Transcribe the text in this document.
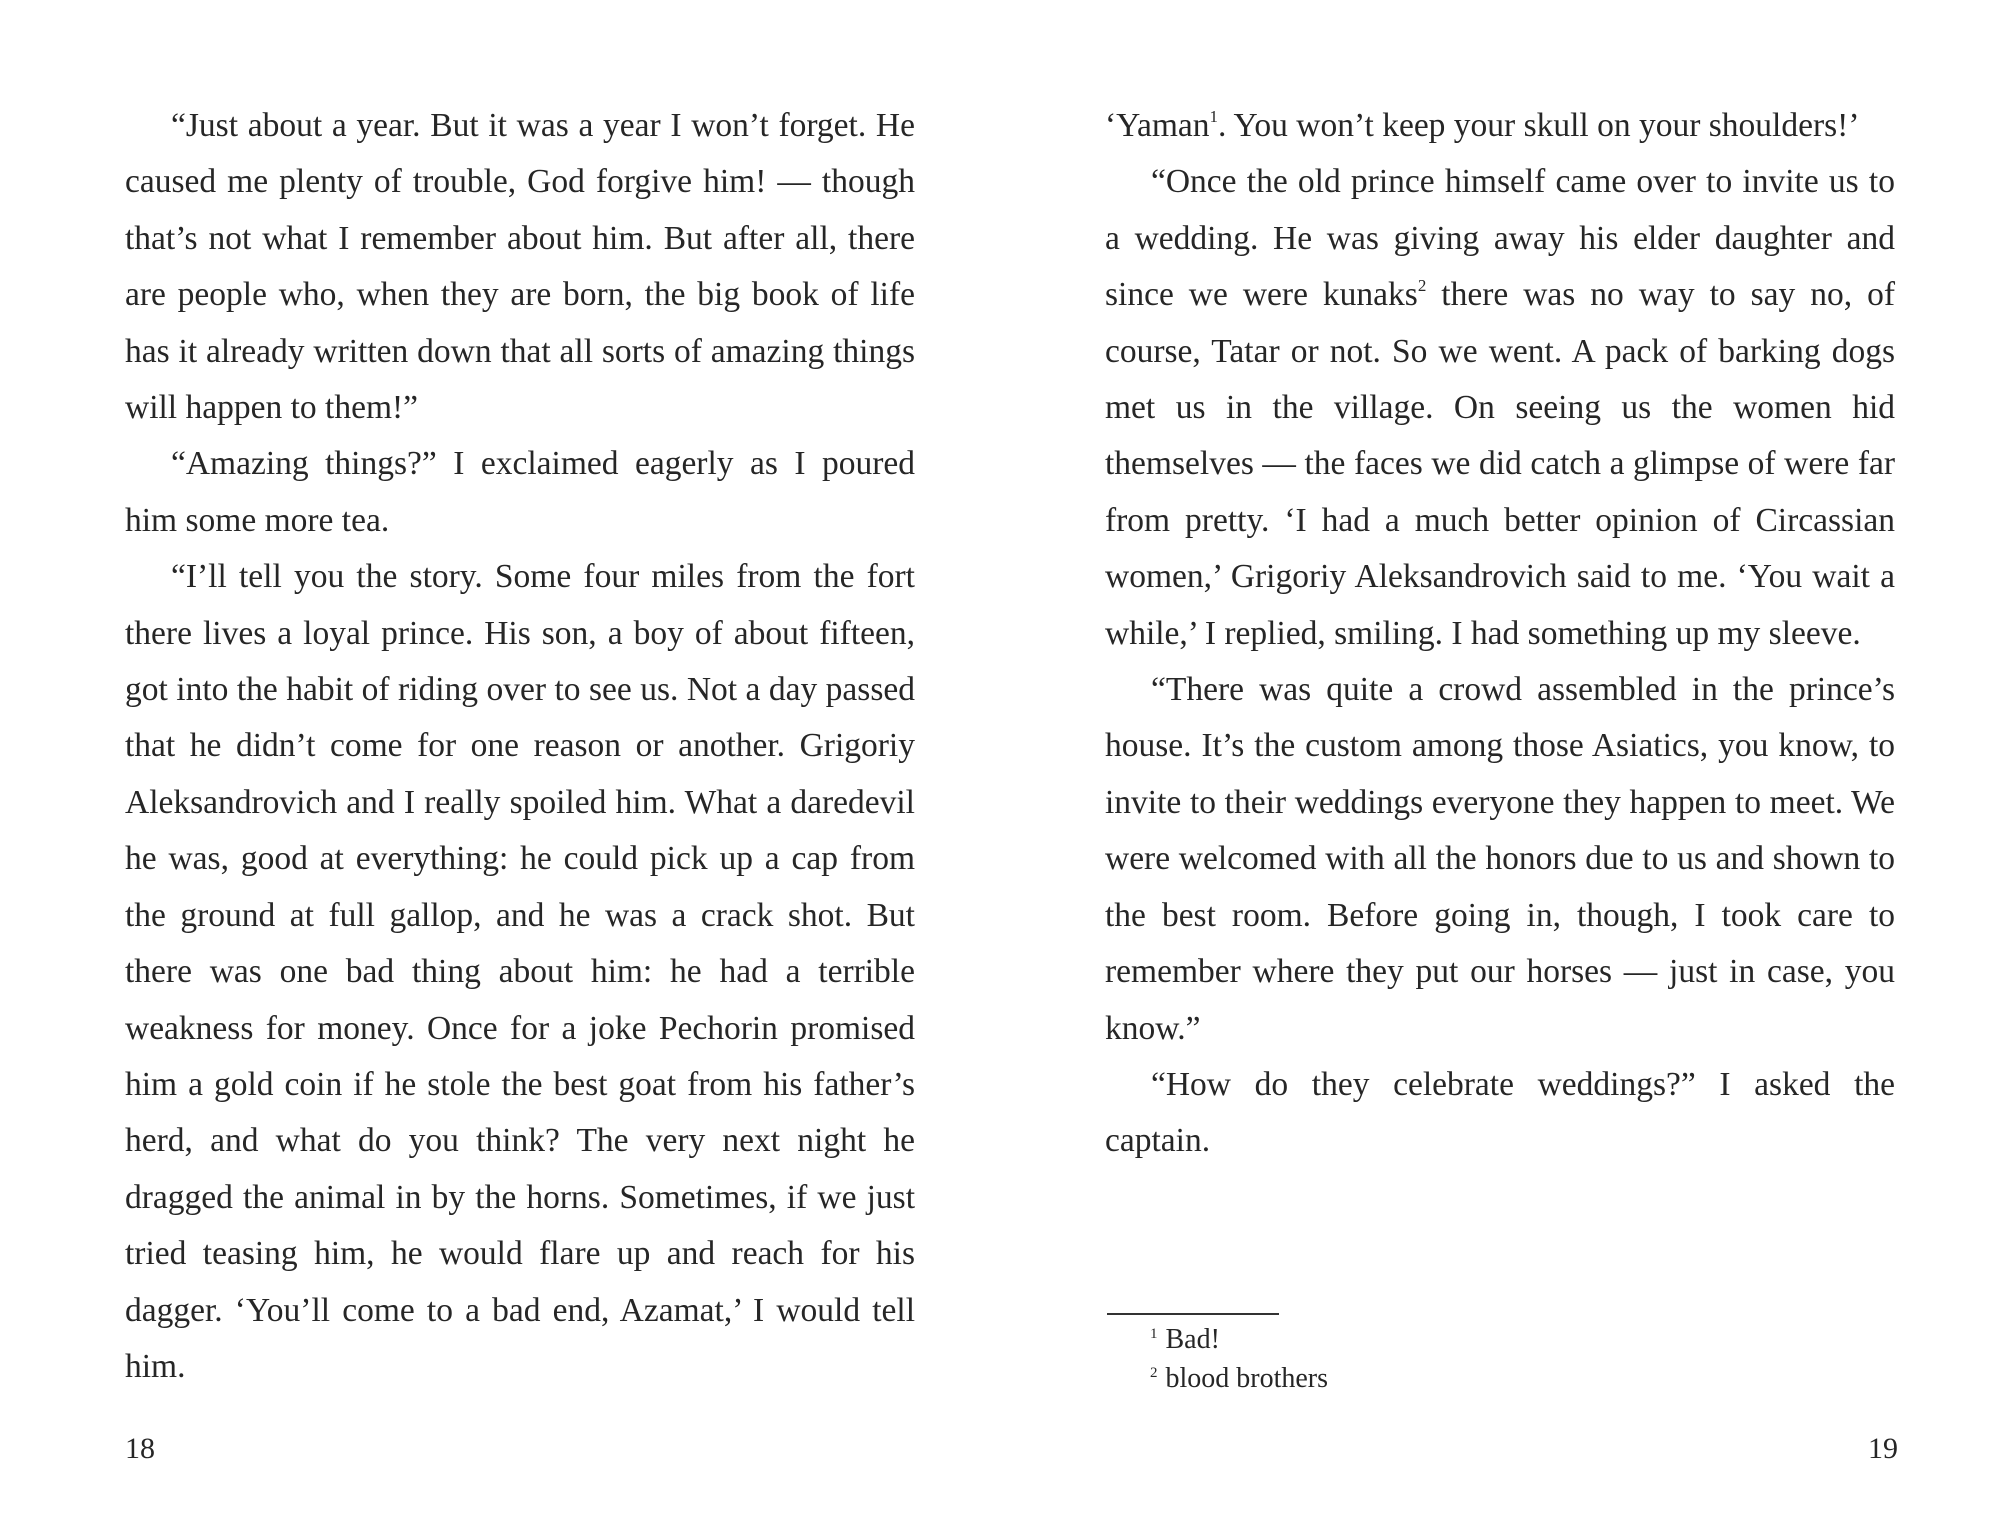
“Just about a year. But it was a year I won’t forget. He caused me plenty of trouble, God forgive him! — though that’s not what I remember about him. But after all, there are people who, when they are born, the big book of life has it already written down that all sorts of amazing things will happen to them!”

“Amazing things?” I exclaimed eagerly as I poured him some more tea.

“I’ll tell you the story. Some four miles from the fort there lives a loyal prince. His son, a boy of about fifteen, got into the habit of riding over to see us. Not a day passed that he didn’t come for one reason or another. Grigoriy Aleksandrovich and I really spoiled him. What a daredevil he was, good at everything: he could pick up a cap from the ground at full gallop, and he was a crack shot. But there was one bad thing about him: he had a terrible weakness for money. Once for a joke Pechorin promised him a gold coin if he stole the best goat from his father’s herd, and what do you think? The very next night he dragged the animal in by the horns. Sometimes, if we just tried teasing him, he would flare up and reach for his dagger. ‘You’ll come to a bad end, Azamat,’ I would tell him.

18

‘Yaman$^1$. You won’t keep your skull on your shoulders!’

“Once the old prince himself came over to invite us to a wedding. He was giving away his elder daughter and since we were kunaks$^2$ there was no way to say no, of course, Tatar or not. So we went. A pack of barking dogs met us in the village. On seeing us the women hid themselves — the faces we did catch a glimpse of were far from pretty. ‘I had a much better opinion of Circassian women,’ Grigoriy Aleksandrovich said to me. ‘You wait a while,’ I replied, smiling. I had something up my sleeve.

“There was quite a crowd assembled in the prince’s house. It’s the custom among those Asiatics, you know, to invite to their weddings everyone they happen to meet. We were welcomed with all the honors due to us and shown to the best room. Before going in, though, I took care to remember where they put our horses — just in case, you know.”

“How do they celebrate weddings?” I asked the captain.

$^1$ Bad!
$^2$ blood brothers
19
